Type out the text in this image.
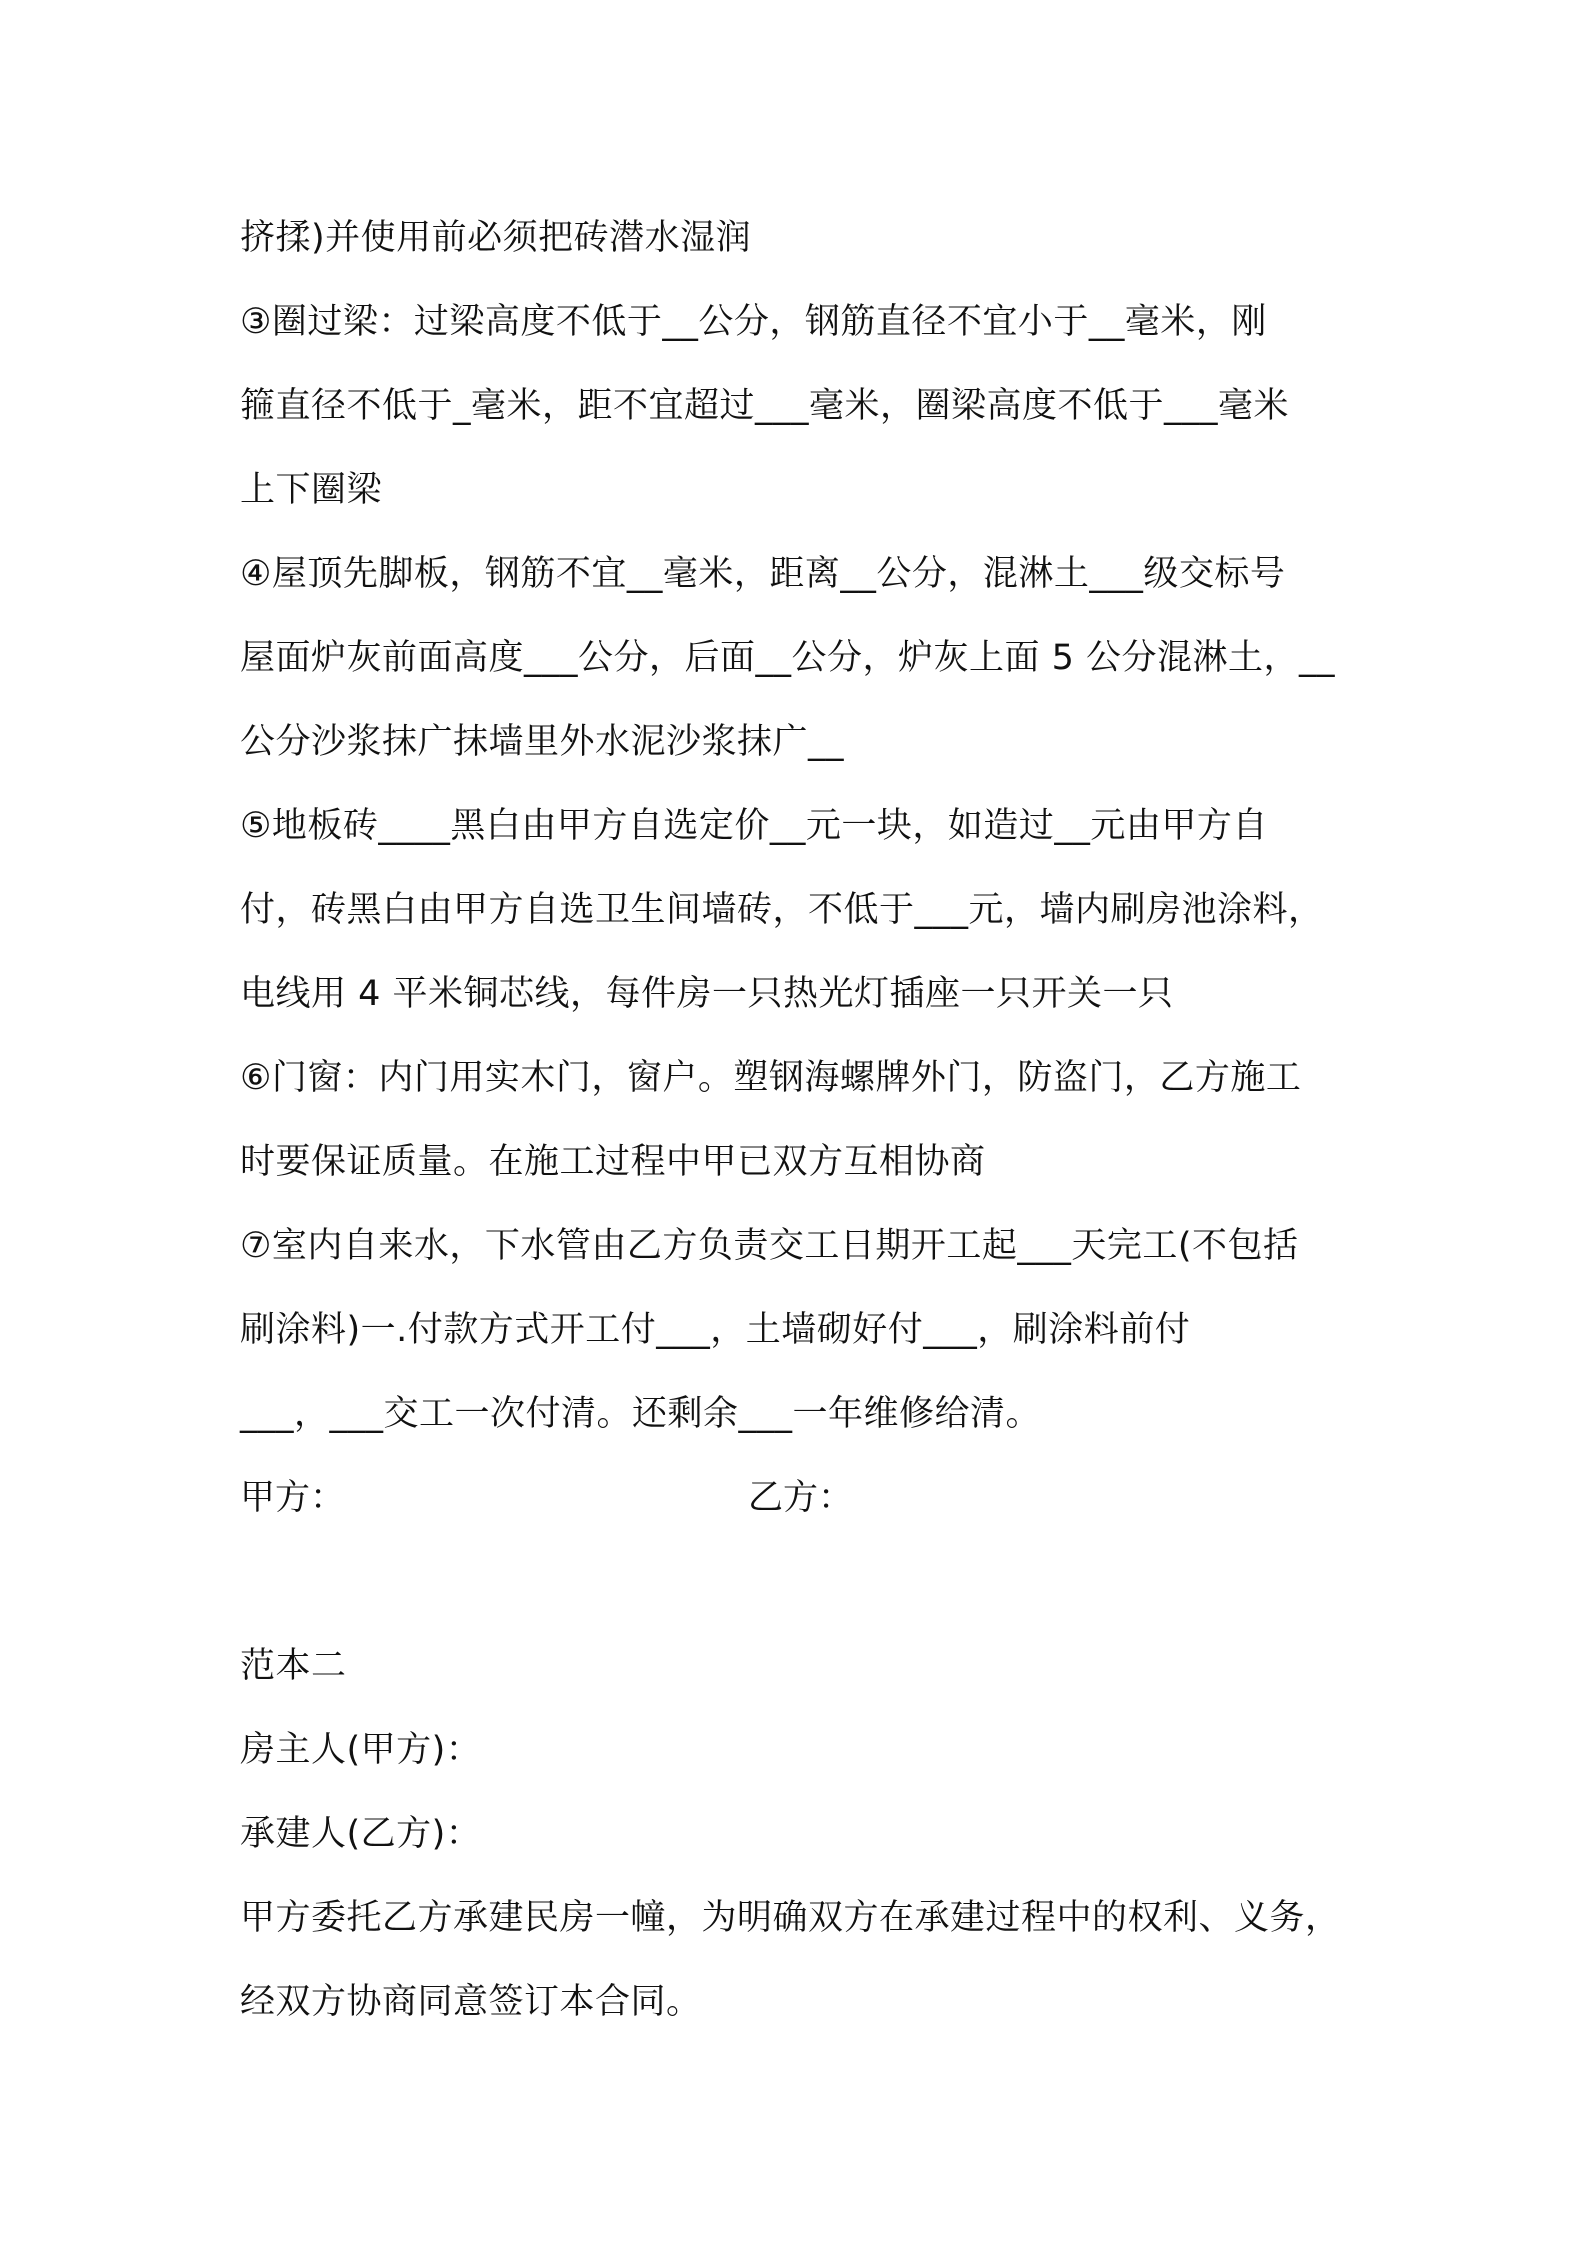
挤揉)并使用前必须把砖潜水湿润
③圈过梁：过梁高度不低于__公分，钢筋直径不宜小于__毫米，刚
箍直径不低于_毫米，距不宜超过___毫米，圈梁高度不低于___毫米
上下圈梁
④屋顶先脚板，钢筋不宜__毫米，距离__公分，混淋土___级交标号
屋面炉灰前面高度___公分，后面__公分，炉灰上面 5 公分混淋土，__
公分沙浆抹广抹墙里外水泥沙浆抹广__
⑤地板砖____黑白由甲方自选定价__元一块，如造过__元由甲方自
付，砖黑白由甲方自选卫生间墙砖，不低于___元，墙内刷房池涂料，
电线用 4 平米铜芯线，每件房一只热光灯插座一只开关一只
⑥门窗：内门用实木门，窗户。塑钢海螺牌外门，防盗门，乙方施工
时要保证质量。在施工过程中甲已双方互相协商
⑦室内自来水，下水管由乙方负责交工日期开工起___天完工(不包括
刷涂料)一.付款方式开工付___，土墙砌好付___，刷涂料前付
___，___交工一次付清。还剩余___一年维修给清。
甲方：	乙方：
范本二
房主人(甲方)：
承建人(乙方)：
甲方委托乙方承建民房一幢，为明确双方在承建过程中的权利、义务，
经双方协商同意签订本合同。
